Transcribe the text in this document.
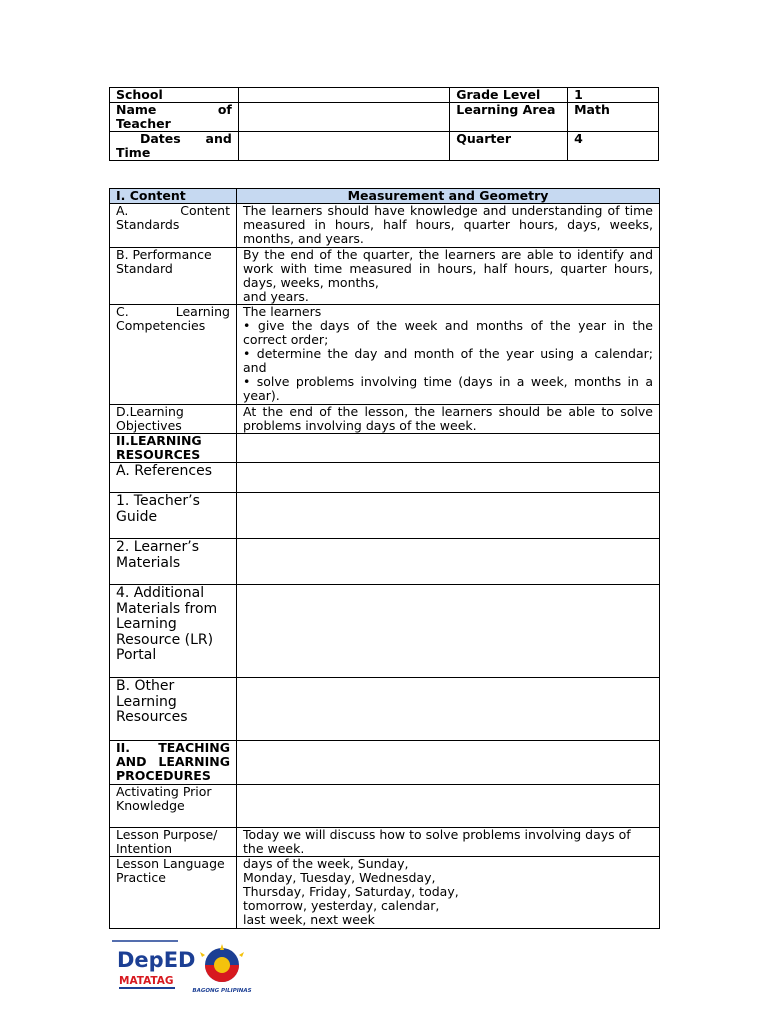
School		Grade Level	1

Name of
Teacher		Learning Area	Math

Dates and
Time		Quarter	4
I. Content	Measurement and Geometry
A. Content Standards	The learners should have knowledge and understanding of time measured in hours, half hours, quarter hours, days, weeks, months, and years.
B. Performance Standard	By the end of the quarter, the learners are able to identify and work with time measured in hours, half hours, quarter hours, days, weeks, months,
and years.

C. Learning Competencies	The learners
• give the days of the week and months of the year in the correct order;
• determine the day and month of the year using a calendar; and
• solve problems involving time (days in a week, months in a year).

D.Learning Objectives	At the end of the lesson, the learners should be able to solve problems involving days of the week.
II.LEARNING RESOURCES	
A. References	
1. Teacher’s Guide	
2. Learner’s Materials	
4. Additional Materials from Learning Resource (LR) Portal	
B. Other Learning Resources	
II. TEACHING AND LEARNING PROCEDURES	
Activating Prior Knowledge	
Lesson Purpose/ Intention	Today we will discuss how to solve problems involving days of the week.
Lesson Language Practice	days of the week, Sunday,
Monday, Tuesday, Wednesday,
Thursday, Friday, Saturday, today,
tomorrow, yesterday, calendar,
last week, next week
DepED
MATATAG
BAGONG PILIPINAS
